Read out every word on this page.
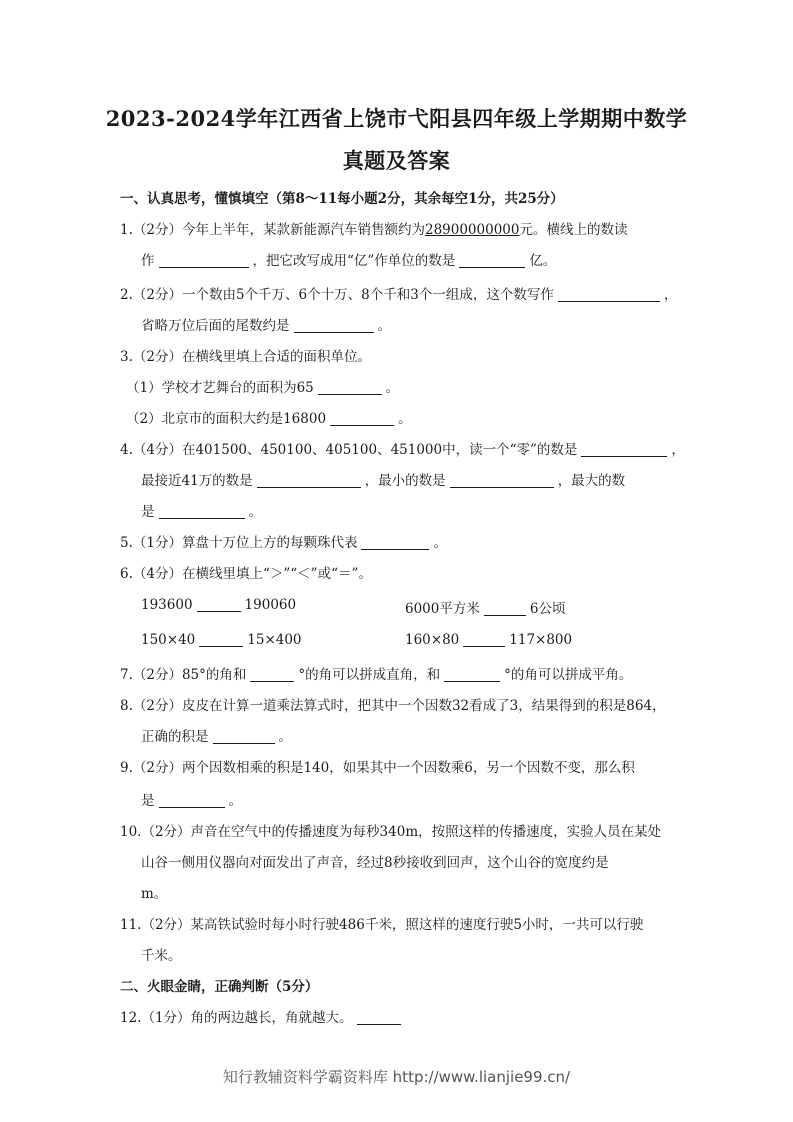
2023-2024学年江西省上饶市弋阳县四年级上学期期中数学
真题及答案
一、认真思考，懂慎填空（第8～11每小题2分，其余每空1分，共25分）
1.（2分）今年上半年，某款新能源汽车销售额约为28900000000元。横线上的数读
作	，把它改写成用“亿”作单位的数是	亿。
2.（2分）一个数由5个千万、6个十万、8个千和3个一组成，这个数写作	，
省略万位后面的尾数约是	。
3.（2分）在横线里填上合适的面积单位。
（1）学校才艺舞台的面积为65	。
（2）北京市的面积大约是16800	。
4.（4分）在401500、450100、405100、451000中，读一个“零”的数是	，
最接近41万的数是	，最小的数是	，最大的数
是	。
5.（1分）算盘十万位上方的每颗珠代表	。
6.（4分）在横线里填上“＞”“＜”或“＝”。
193600	190060	6000平方米	6公顷
150×40	15×400	160×80	117×800
7.（2分）85°的角和	°的角可以拼成直角，和	°的角可以拼成平角。
8.（2分）皮皮在计算一道乘法算式时，把其中一个因数32看成了3，结果得到的积是864，
正确的积是	。
9.（2分）两个因数相乘的积是140，如果其中一个因数乘6，另一个因数不变，那么积
是	。
10.（2分）声音在空气中的传播速度为每秒340m，按照这样的传播速度，实验人员在某处
山谷一侧用仪器向对面发出了声音，经过8秒接收到回声，这个山谷的宽度约是
m。
11.（2分）某高铁试验时每小时行驶486千米，照这样的速度行驶5小时，一共可以行驶
千米。
二、火眼金睛，正确判断（5分）
12.（1分）角的两边越长，角就越大。
知行教辅资料学霸资料库 http://www.lianjie99.cn/
